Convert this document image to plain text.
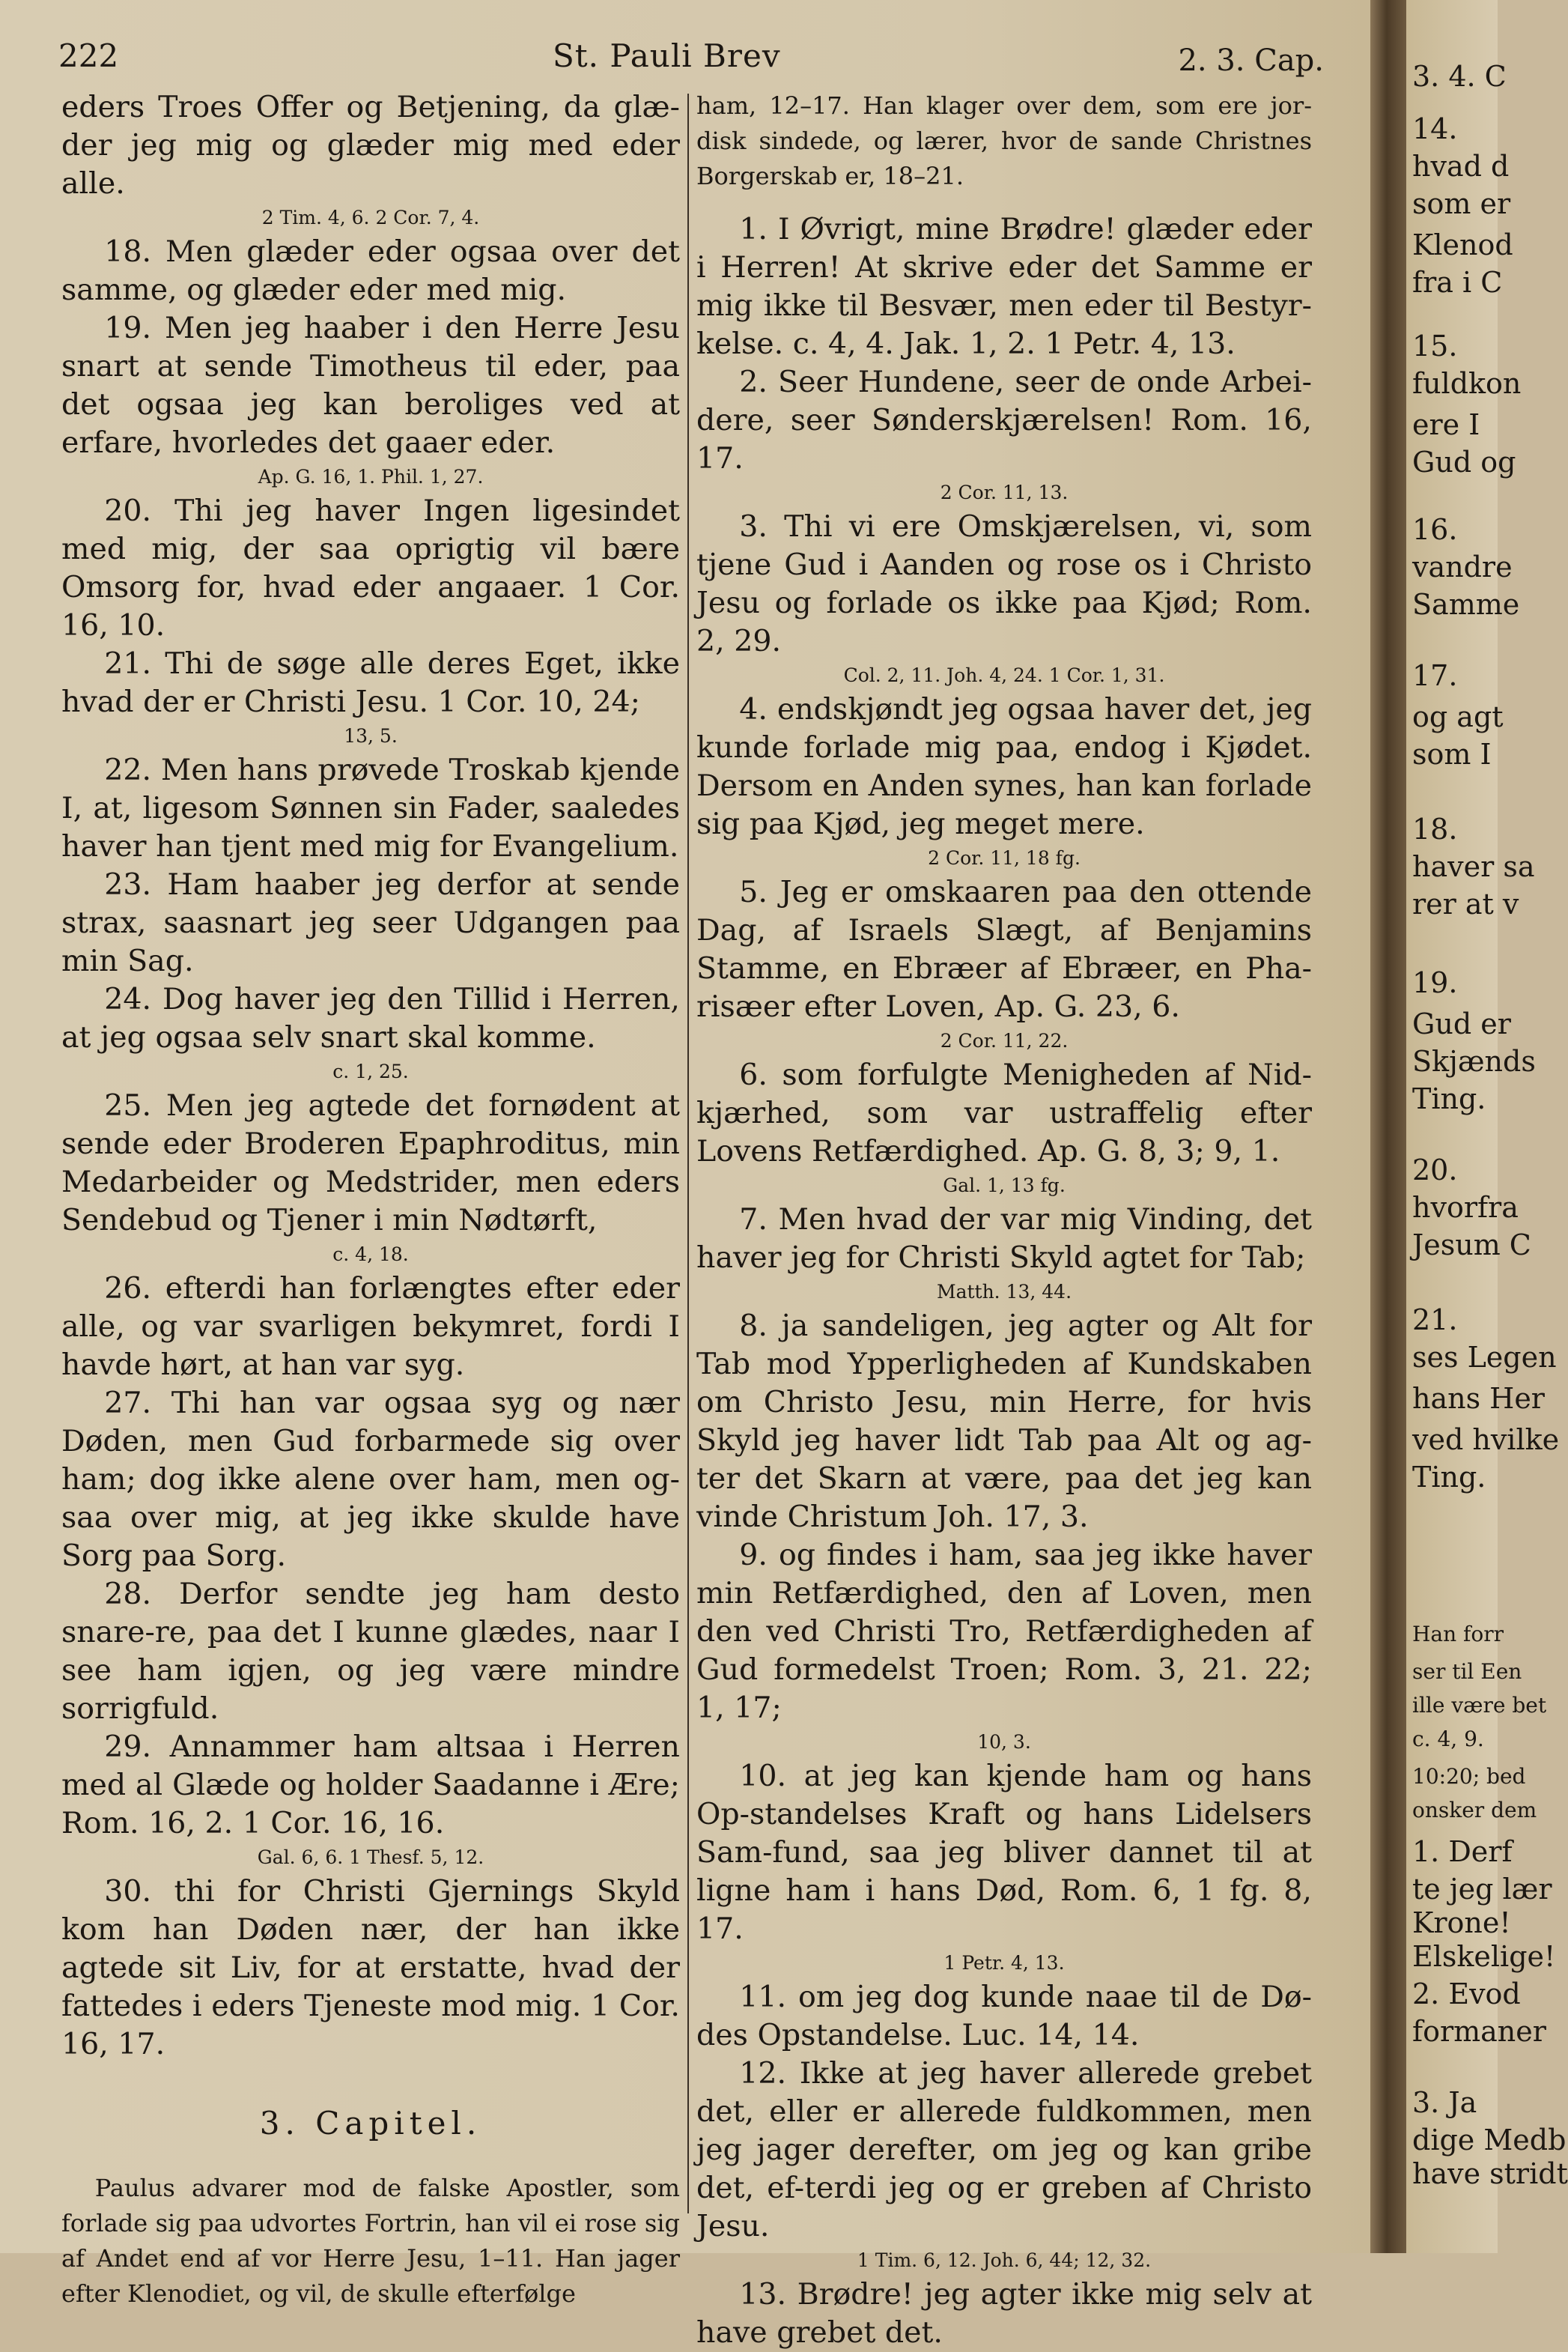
222	St. Pauli Brev	2. 3. Cap.

eders Troes Offer og Betjening, da glæ-der jeg mig og glæder mig med eder alle.

2 Tim. 4, 6. 2 Cor. 7, 4.

18. Men glæder eder ogsaa over det samme, og glæder eder med mig.

19. Men jeg haaber i den Herre Jesu snart at sende Timotheus til eder, paa det ogsaa jeg kan beroliges ved at erfare, hvorledes det gaaer eder.

Ap. G. 16, 1. Phil. 1, 27.

20. Thi jeg haver Ingen ligesindet med mig, der saa oprigtig vil bære Omsorg for, hvad eder angaaer. 1 Cor. 16, 10.

21. Thi de søge alle deres Eget, ikke hvad der er Christi Jesu. 1 Cor. 10, 24;

13, 5.

22. Men hans prøvede Troskab kjende I, at, ligesom Sønnen sin Fader, saaledes haver han tjent med mig for Evangelium.

23. Ham haaber jeg derfor at sende strax, saasnart jeg seer Udgangen paa min Sag.

24. Dog haver jeg den Tillid i Herren, at jeg ogsaa selv snart skal komme.

c. 1, 25.

25. Men jeg agtede det fornødent at sende eder Broderen Epaphroditus, min Medarbeider og Medstrider, men eders Sendebud og Tjener i min Nødtørft,

c. 4, 18.

26. efterdi han forlængtes efter eder alle, og var svarligen bekymret, fordi I havde hørt, at han var syg.

27. Thi han var ogsaa syg og nær Døden, men Gud forbarmede sig over ham; dog ikke alene over ham, men og-saa over mig, at jeg ikke skulde have Sorg paa Sorg.

28. Derfor sendte jeg ham desto snare-re, paa det I kunne glædes, naar I see ham igjen, og jeg være mindre sorrigfuld.

29. Annammer ham altsaa i Herren med al Glæde og holder Saadanne i Ære; Rom. 16, 2. 1 Cor. 16, 16.

Gal. 6, 6. 1 Thesf. 5, 12.

30. thi for Christi Gjernings Skyld kom han Døden nær, der han ikke agtede sit Liv, for at erstatte, hvad der fattedes i eders Tjeneste mod mig. 1 Cor. 16, 17.

3. Capitel.

Paulus advarer mod de falske Apostler, som forlade sig paa udvortes Fortrin, han vil ei rose sig af Andet end af vor Herre Jesu, 1–11. Han jager efter Klenodiet, og vil, de skulle efterfølge

ham, 12–17. Han klager over dem, som ere jor-disk sindede, og lærer, hvor de sande Christnes Borgerskab er, 18–21.

1. I Øvrigt, mine Brødre! glæder eder i Herren! At skrive eder det Samme er mig ikke til Besvær, men eder til Bestyr-kelse. c. 4, 4. Jak. 1, 2. 1 Petr. 4, 13.

2. Seer Hundene, seer de onde Arbei-dere, seer Sønderskjærelsen! Rom. 16, 17.

2 Cor. 11, 13.

3. Thi vi ere Omskjærelsen, vi, som tjene Gud i Aanden og rose os i Christo Jesu og forlade os ikke paa Kjød; Rom. 2, 29.

Col. 2, 11. Joh. 4, 24. 1 Cor. 1, 31.

4. endskjøndt jeg ogsaa haver det, jeg kunde forlade mig paa, endog i Kjødet. Dersom en Anden synes, han kan forlade sig paa Kjød, jeg meget mere.

2 Cor. 11, 18 fg.

5. Jeg er omskaaren paa den ottende Dag, af Israels Slægt, af Benjamins Stamme, en Ebræer af Ebræer, en Pha-risæer efter Loven, Ap. G. 23, 6.

2 Cor. 11, 22.

6. som forfulgte Menigheden af Nid-kjærhed, som var ustraffelig efter Lovens Retfærdighed. Ap. G. 8, 3; 9, 1.

Gal. 1, 13 fg.

7. Men hvad der var mig Vinding, det haver jeg for Christi Skyld agtet for Tab;

Matth. 13, 44.

8. ja sandeligen, jeg agter og Alt for Tab mod Ypperligheden af Kundskaben om Christo Jesu, min Herre, for hvis Skyld jeg haver lidt Tab paa Alt og ag-ter det Skarn at være, paa det jeg kan vinde Christum Joh. 17, 3.

9. og findes i ham, saa jeg ikke haver min Retfærdighed, den af Loven, men den ved Christi Tro, Retfærdigheden af Gud formedelst Troen; Rom. 3, 21. 22; 1, 17;

10, 3.

10. at jeg kan kjende ham og hans Op-standelses Kraft og hans Lidelsers Sam-fund, saa jeg bliver dannet til at ligne ham i hans Død, Rom. 6, 1 fg. 8, 17.

1 Petr. 4, 13.

11. om jeg dog kunde naae til de Dø-des Opstandelse. Luc. 14, 14.

12. Ikke at jeg haver allerede grebet det, eller er allerede fuldkommen, men jeg jager derefter, om jeg og kan gribe det, ef-terdi jeg og er greben af Christo Jesu.

1 Tim. 6, 12. Joh. 6, 44; 12, 32.

13. Brødre! jeg agter ikke mig selv at have grebet det.

3. 4. C
14.
hvad d
som er
Klenod
fra i C
15.
fuldkon
ere I
Gud og
16.
vandre
Samme
17.
og agt
som I
18.
haver sa
rer at v
19.
Gud er
Skjænds
Ting.
20.
hvorfra
Jesum C
21.
ses Legen
hans Her
ved hvilke
Ting.
Han forr
ser til Een
ille være bet
c. 4, 9.
10:20; bed
onsker dem
1. Derf
te jeg lær
Krone!
Elskelige!
2. Evod
formaner
3. Ja
dige Medb
have stridt
